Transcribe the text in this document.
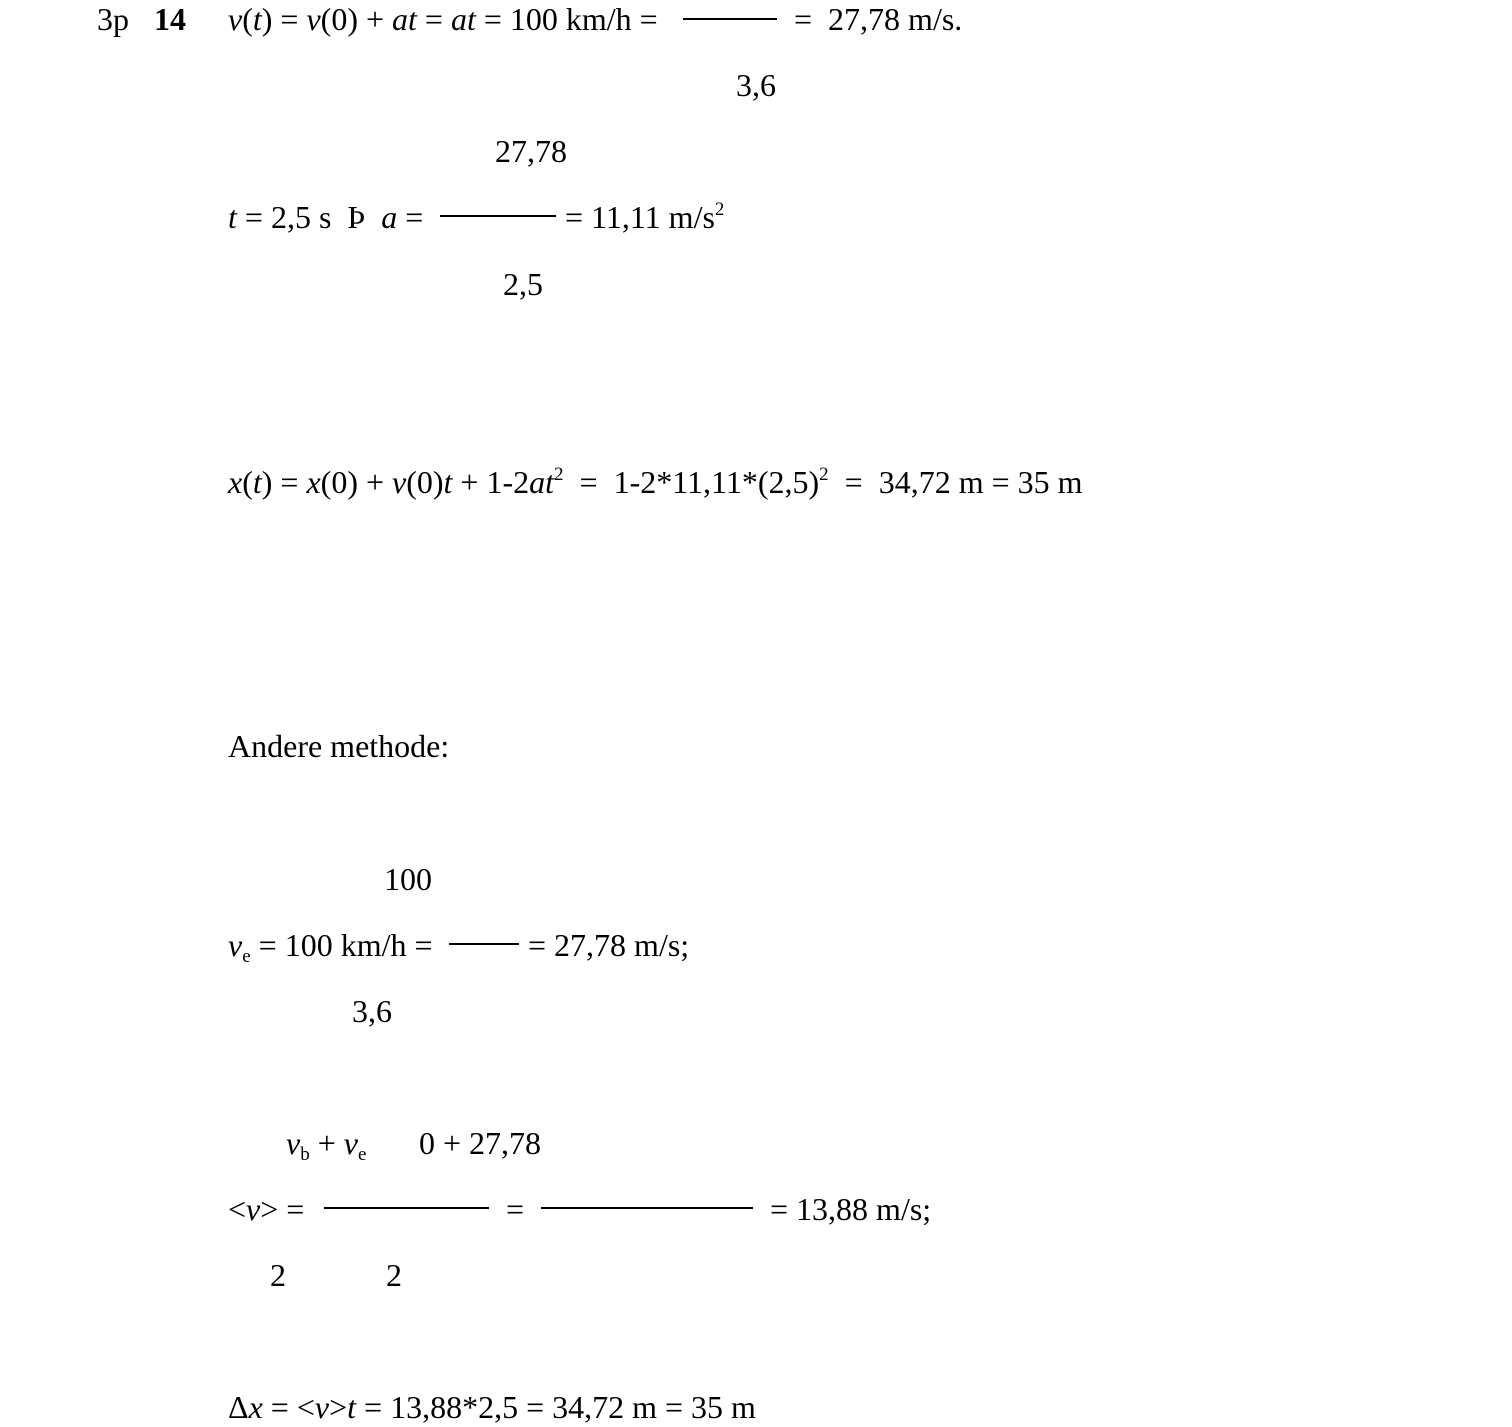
3p 14 v(t) = v(0) + at = at = 100 km/h =	=  27,78 m/s.
3,6
27,78
t = 2,5 s  Þ  a =	= 11,11 $m/s^2$
2,5
$x(t) = x(0) + v(0)t + 1-2at^2 = 1-2*11,11*(2,5)^2 = 34,72$ m = 35 m
Andere methode:
100
ve = 100 km/h =	= 27,78 m/s;
3,6
vb + ve 0 + 27,78
<v> =	=	= 13,88 m/s;
2	2
Δx = <v>t = 13,88*2,5 = 34,72 m = 35 m
